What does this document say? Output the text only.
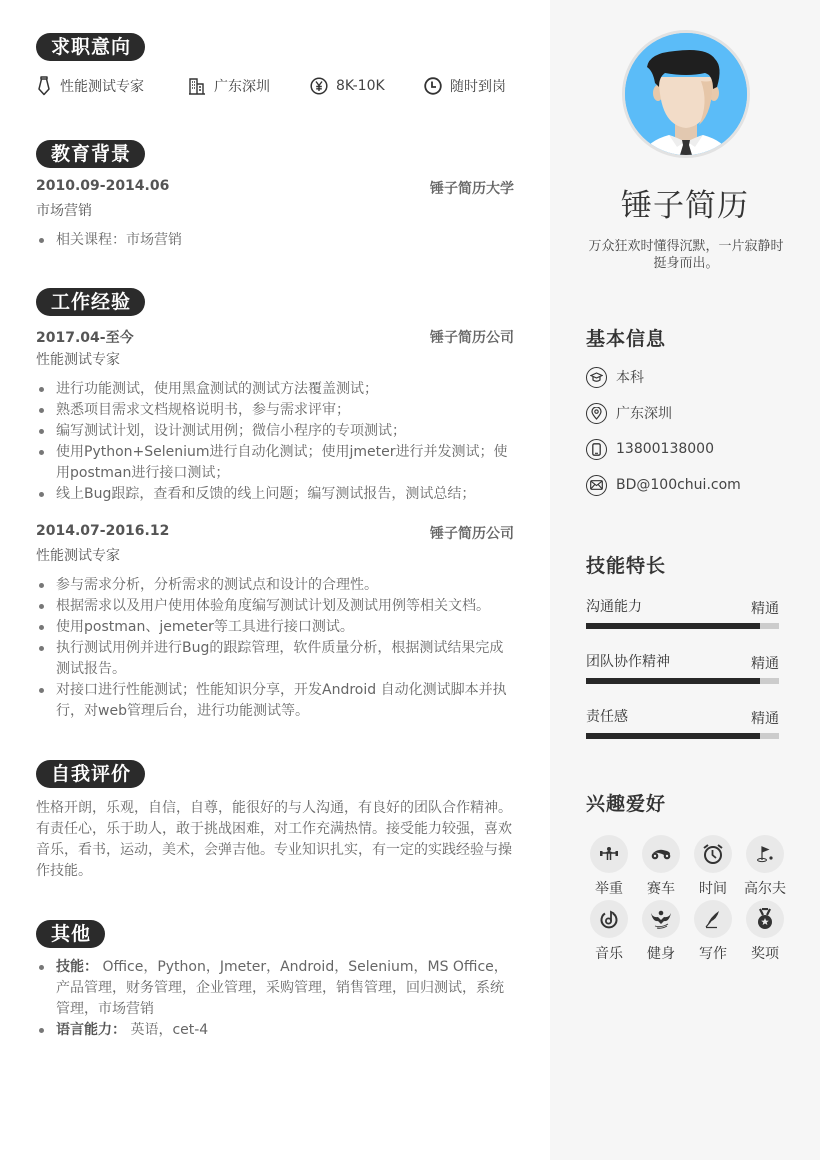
求职意向
性能测试专家	广东深圳	8K-10K	随时到岗
教育背景
2010.09-2014.06	锤子简历大学
市场营销
相关课程：市场营销
工作经验
2017.04-至今	锤子简历公司
性能测试专家
进行功能测试，使用黑盒测试的测试方法覆盖测试；
熟悉项目需求文档规格说明书，参与需求评审；
编写测试计划，设计测试用例；微信小程序的专项测试；
使用Python+Selenium进行自动化测试；使用jmeter进行并发测试；使用postman进行接口测试；
线上Bug跟踪，查看和反馈的线上问题；编写测试报告，测试总结；
2014.07-2016.12	锤子简历公司
性能测试专家
参与需求分析，分析需求的测试点和设计的合理性。
根据需求以及用户使用体验角度编写测试计划及测试用例等相关文档。
使用postman、jemeter等工具进行接口测试。
执行测试用例并进行Bug的跟踪管理，软件质量分析，根据测试结果完成测试报告。
对接口进行性能测试；性能知识分享，开发Android 自动化测试脚本并执行，对web管理后台，进行功能测试等。
自我评价
性格开朗，乐观，自信，自尊，能很好的与人沟通，有良好的团队合作精神。有责任心，乐于助人，敢于挑战困难，对工作充满热情。接受能力较强，喜欢音乐，看书，运动，美术，会弹吉他。专业知识扎实，有一定的实践经验与操作技能。
其他
技能： Office，Python，Jmeter，Android，Selenium，MS Office，产品管理，财务管理，企业管理，采购管理，销售管理，回归测试，系统管理，市场营销
语言能力： 英语，cet-4
锤子简历
万众狂欢时懂得沉默，一片寂静时挺身而出。
基本信息
本科
广东深圳
13800138000
BD@100chui.com
技能特长
沟通能力	精通
团队协作精神	精通
责任感	精通
兴趣爱好
举重	赛车	时间	高尔夫
音乐	健身	写作	奖项
